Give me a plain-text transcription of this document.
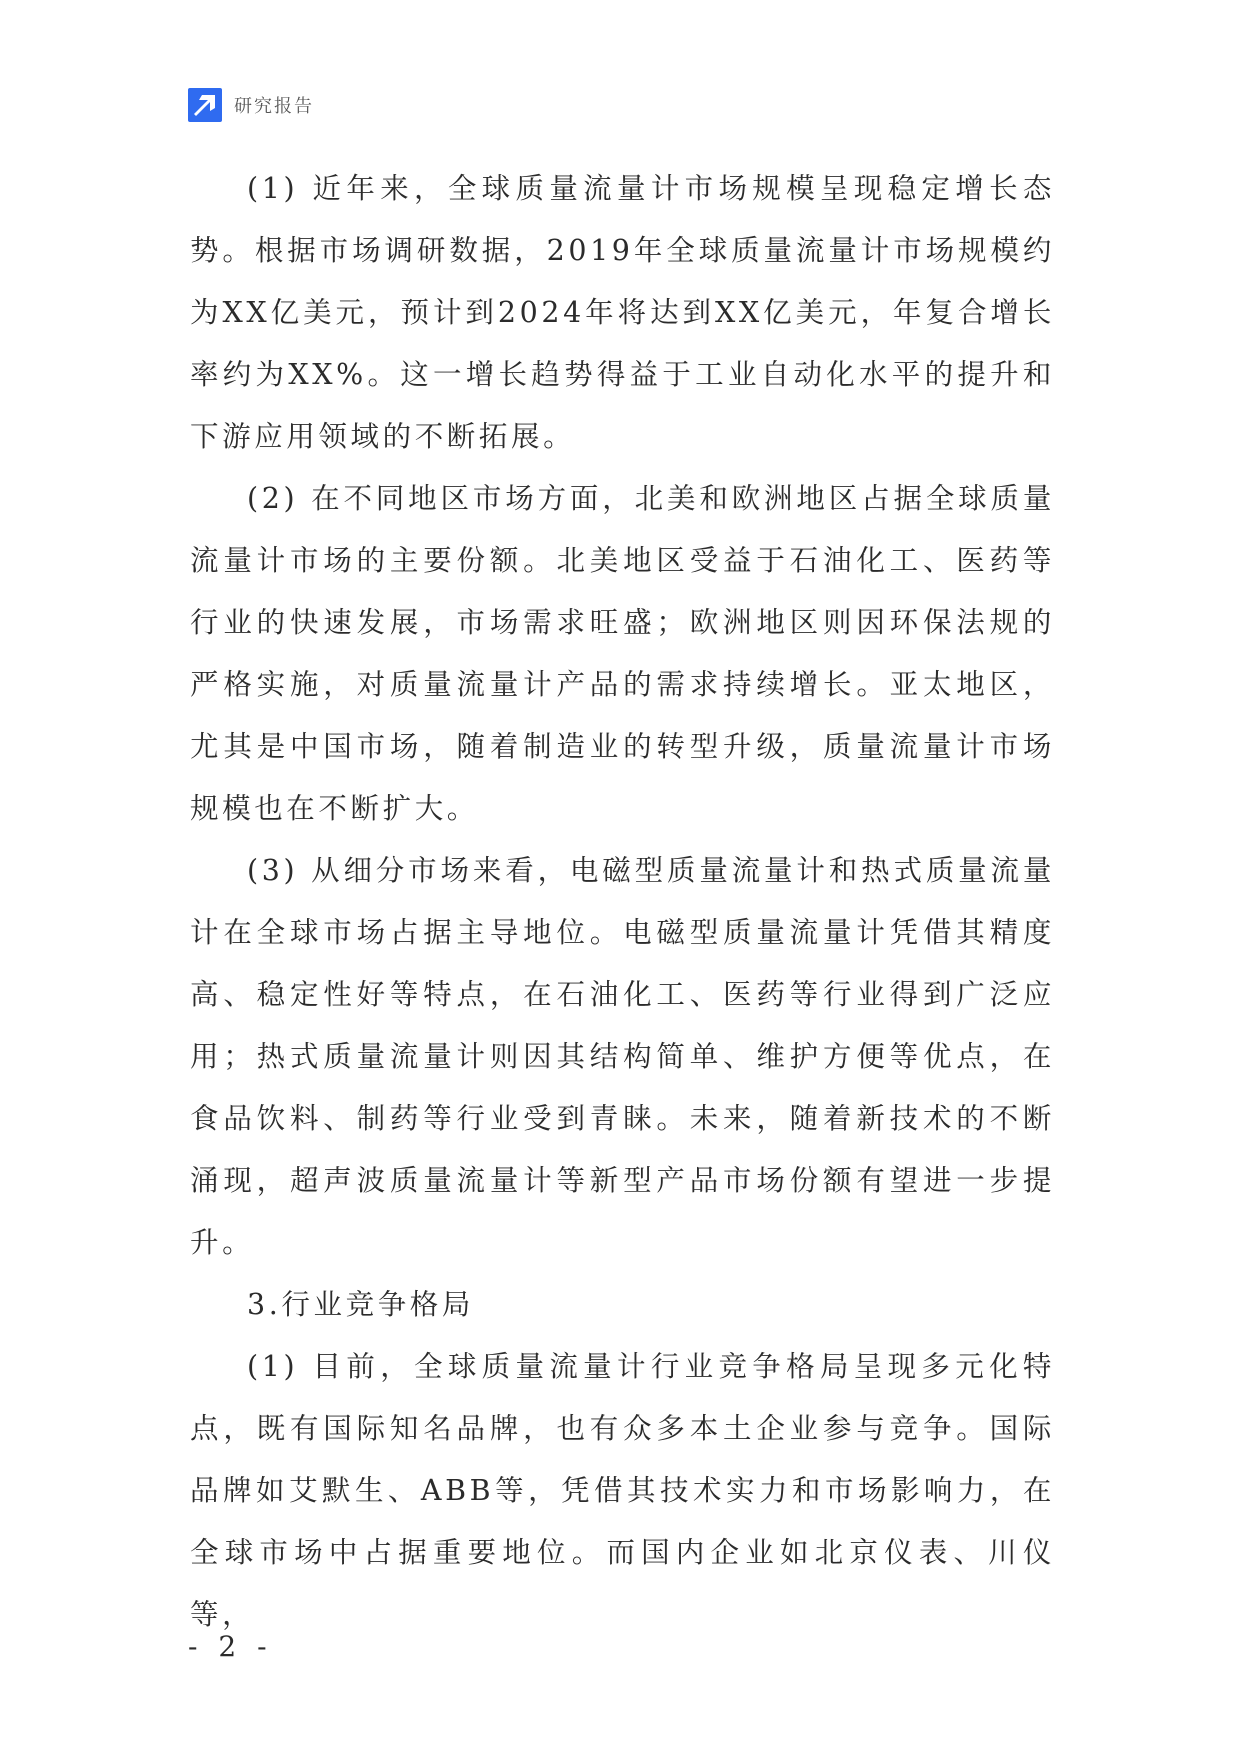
研究报告

(1) 近年来，全球质量流量计市场规模呈现稳定增长态势。根据市场调研数据，2019年全球质量流量计市场规模约为XX亿美元，预计到2024年将达到XX亿美元，年复合增长率约为XX%。这一增长趋势得益于工业自动化水平的提升和下游应用领域的不断拓展。

(2) 在不同地区市场方面，北美和欧洲地区占据全球质量流量计市场的主要份额。北美地区受益于石油化工、医药等行业的快速发展，市场需求旺盛；欧洲地区则因环保法规的严格实施，对质量流量计产品的需求持续增长。亚太地区，尤其是中国市场，随着制造业的转型升级，质量流量计市场规模也在不断扩大。

(3) 从细分市场来看，电磁型质量流量计和热式质量流量计在全球市场占据主导地位。电磁型质量流量计凭借其精度高、稳定性好等特点，在石油化工、医药等行业得到广泛应用；热式质量流量计则因其结构简单、维护方便等优点，在食品饮料、制药等行业受到青睐。未来，随着新技术的不断涌现，超声波质量流量计等新型产品市场份额有望进一步提升。

3.行业竞争格局

(1) 目前，全球质量流量计行业竞争格局呈现多元化特点，既有国际知名品牌，也有众多本土企业参与竞争。国际品牌如艾默生、ABB等，凭借其技术实力和市场影响力，在全球市场中占据重要地位。而国内企业如北京仪表、川仪等，

- 2 -
